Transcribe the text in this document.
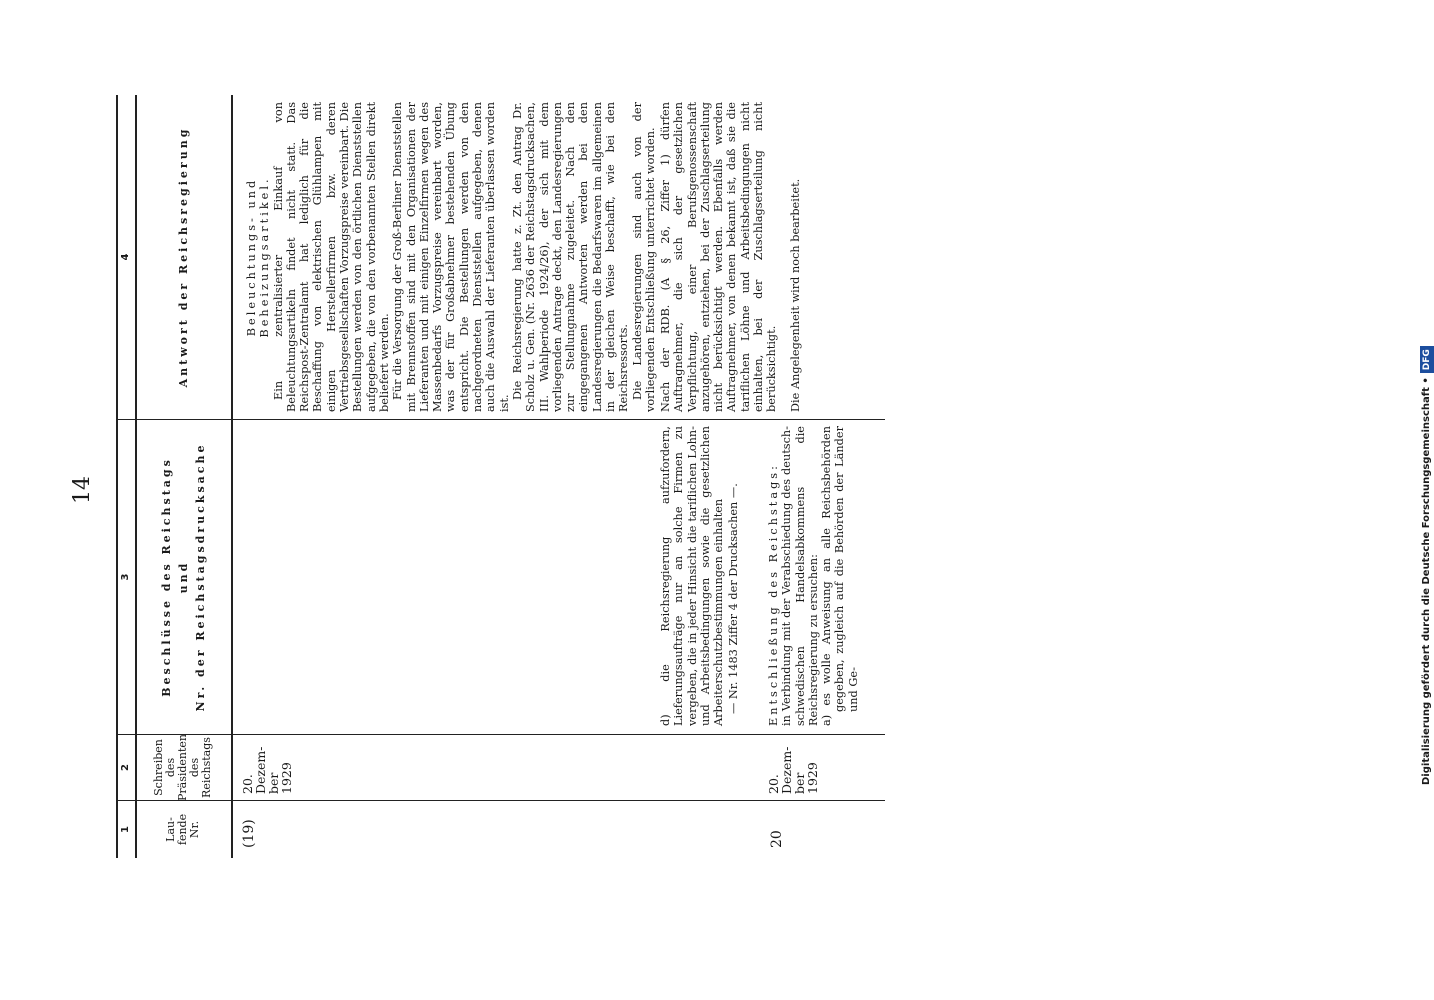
14
1
2
3
4
Lau- fende Nr.
Schreiben des Präsidenten des Reichstags
Beschlüsse des Reichstags und Nr. der Reichstagsdrucksache
Antwort der Reichsregierung
(19)
20. Dezem-
ber 1929

Beleuchtungs- und Beheizungsartikel. Ein zentralisierter Einkauf von Beleuchtungsartikeln findet nicht statt. Das Reichspost-Zentralamt hat lediglich für die Beschaffung von elektrischen Glühlampen mit einigen Herstellerfirmen bzw. deren Vertriebsgesellschaften Vorzugspreise vereinbart. Die Bestellungen werden von den örtlichen Dienststellen aufgegeben, die von den vorbenannten Stellen direkt beliefert werden. Für die Versorgung der Groß-Berliner Dienststellen mit Brennstoffen sind mit den Organisationen der Lieferanten und mit einigen Einzelfirmen wegen des Massenbedarfs Vorzugspreise vereinbart worden, was der für Großabnehmer bestehenden Übung entspricht. Die Bestellungen werden von den nachgeordneten Dienststellen aufgegeben, denen auch die Auswahl der Lieferanten überlassen worden ist.

Die Reichsregierung hatte z. Zt. den Antrag Dr. Scholz u. Gen. (Nr. 2636 der Reichstagsdrucksachen, III. Wahlperiode 1924/26), der sich mit dem vorliegenden Antrage deckt, den Landesregierungen zur Stellungnahme zugeleitet. Nach den eingegangenen Antworten werden bei den Landesregierungen die Bedarfswaren im allgemeinen in der gleichen Weise beschafft, wie bei den Reichsressorts. Die Landesregierungen sind auch von der vorliegenden Entschließung unterrichtet worden.

d) die Reichsregierung aufzufordern, Lieferungsaufträge nur an solche Firmen zu vergeben, die in jeder Hinsicht die tariflichen Lohn- und Arbeitsbedingungen sowie die gesetzlichen Arbeiterschutzbestimmungen einhalten — Nr. 1483 Ziffer 4 der Drucksachen —.

Nach der RDB. (A § 26, Ziffer 1) dürfen Auftragnehmer, die sich der gesetzlichen Verpflichtung, einer Berufsgenossenschaft anzugehören, entziehen, bei der Zuschlagserteilung nicht berücksichtigt werden. Ebenfalls werden Auftragnehmer, von denen bekannt ist, daß sie die tariflichen Löhne und Arbeitsbedingungen nicht einhalten, bei der Zuschlagserteilung nicht berücksichtigt.

20
20. Dezem-
ber 1929

Entschließung des Reichstags: in Verbindung mit der Verabschiedung des deutsch-schwedischen Handelsabkommens die Reichsregierung zu ersuchen: a) es wolle Anweisung an alle Reichsbehörden gegeben, zugleich auf die Behörden der Länder und Ge-

Die Angelegenheit wird noch bearbeitet.

Digitalisierung gefördert durch die Deutsche Forschungsgemeinschaft •DFG
